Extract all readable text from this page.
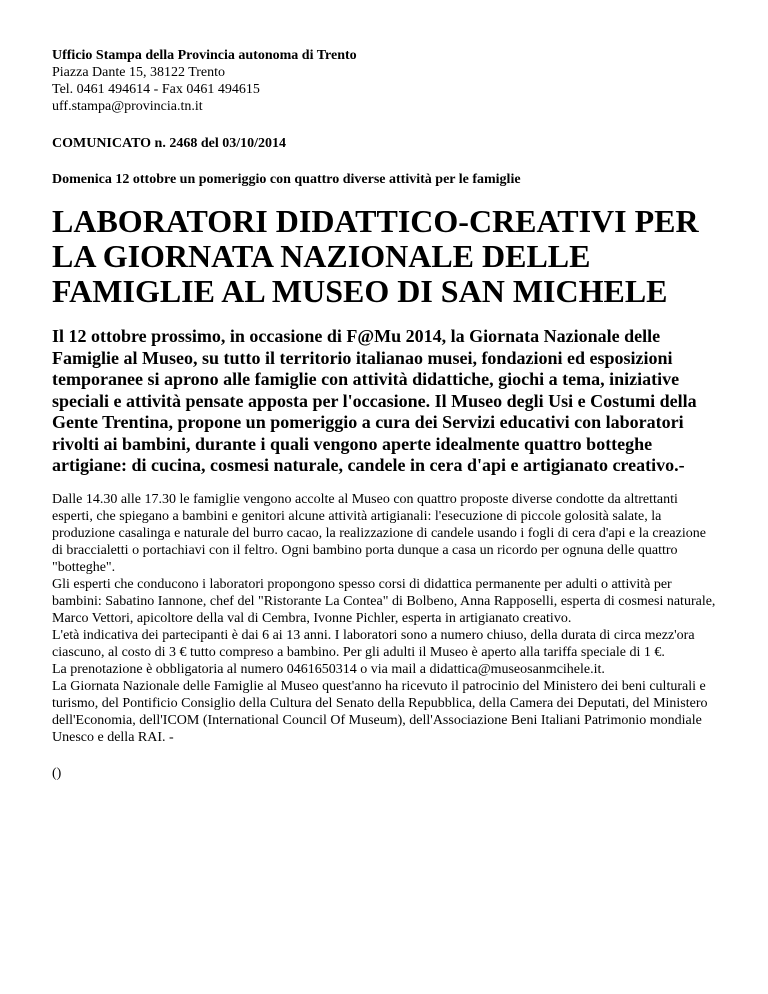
Ufficio Stampa della Provincia autonoma di Trento

Piazza Dante 15, 38122 Trento

Tel. 0461 494614 - Fax 0461 494615

uff.stampa@provincia.tn.it

COMUNICATO n. 2468 del 03/10/2014

Domenica 12 ottobre un pomeriggio con quattro diverse attività per le famiglie

LABORATORI DIDATTICO-CREATIVI PER LA GIORNATA NAZIONALE DELLE FAMIGLIE AL MUSEO DI SAN MICHELE

Il 12 ottobre prossimo, in occasione di F@Mu 2014, la Giornata Nazionale delle Famiglie al Museo, su tutto il territorio italianao musei, fondazioni ed esposizioni temporanee si aprono alle famiglie con attività didattiche, giochi a tema, iniziative speciali e attività pensate apposta per l'occasione. Il Museo degli Usi e Costumi della Gente Trentina, propone un pomeriggio a cura dei Servizi educativi con laboratori rivolti ai bambini, durante i quali vengono aperte idealmente quattro botteghe artigiane: di cucina, cosmesi naturale, candele in cera d'api e artigianato creativo.-

Dalle 14.30 alle 17.30 le famiglie vengono accolte al Museo con quattro proposte diverse condotte da altrettanti esperti, che spiegano a bambini e genitori alcune attività artigianali: l'esecuzione di piccole golosità salate, la produzione casalinga e naturale del burro cacao, la realizzazione di candele usando i fogli di cera d'api e la creazione di braccialetti o portachiavi con il feltro. Ogni bambino porta dunque a casa un ricordo per ognuna delle quattro "botteghe".
Gli esperti che conducono i laboratori propongono spesso corsi di didattica permanente per adulti o attività per bambini: Sabatino Iannone, chef del "Ristorante La Contea" di Bolbeno, Anna Rapposelli, esperta di cosmesi naturale, Marco Vettori, apicoltore della val di Cembra, Ivonne Pichler, esperta in artigianato creativo.
L'età indicativa dei partecipanti è dai 6 ai 13 anni. I laboratori sono a numero chiuso, della durata di circa mezz'ora ciascuno, al costo di 3 € tutto compreso a bambino. Per gli adulti il Museo è aperto alla tariffa speciale di 1 €.
La prenotazione è obbligatoria al numero 0461650314 o via mail a didattica@museosanmcihele.it.
La Giornata Nazionale delle Famiglie al Museo quest'anno ha ricevuto il patrocinio del Ministero dei beni culturali e turismo, del Pontificio Consiglio della Cultura del Senato della Repubblica, della Camera dei Deputati, del Ministero dell'Economia, dell'ICOM (International Council Of Museum), dell'Associazione Beni Italiani Patrimonio mondiale Unesco e della RAI. -

()
